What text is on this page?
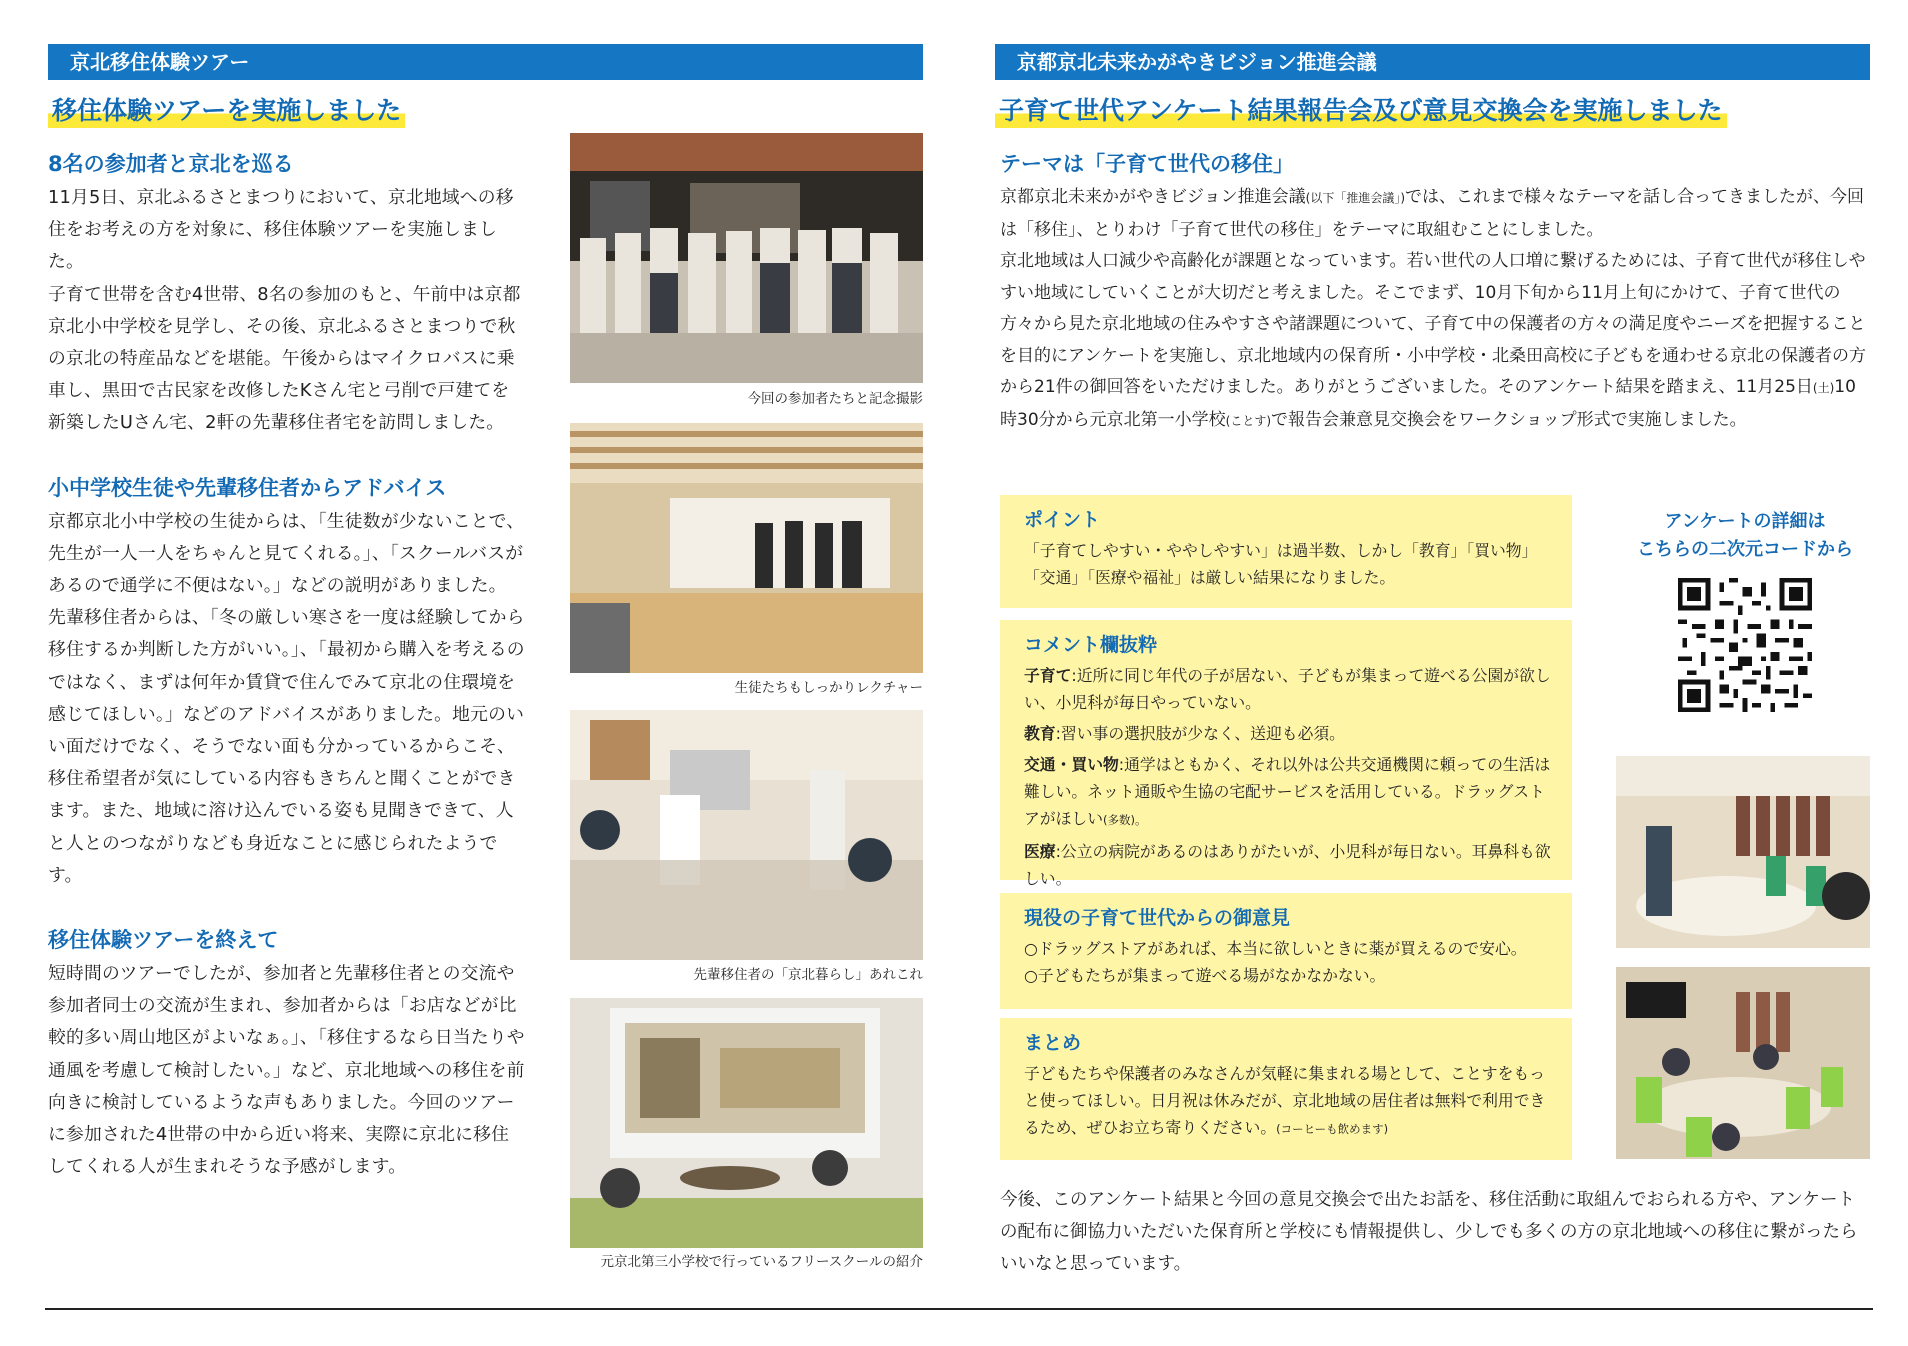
京北移住体験ツアー
移住体験ツアーを実施しました
8名の参加者と京北を巡る
11月5日、京北ふるさとまつりにおいて、京北地域への移住をお考えの方を対象に、移住体験ツアーを実施しました。
子育て世帯を含む4世帯、8名の参加のもと、午前中は京都京北小中学校を見学し、その後、京北ふるさとまつりで秋の京北の特産品などを堪能。午後からはマイクロバスに乗車し、黒田で古民家を改修したKさん宅と弓削で戸建てを新築したUさん宅、2軒の先輩移住者宅を訪問しました。
小中学校生徒や先輩移住者からアドバイス
京都京北小中学校の生徒からは、「生徒数が少ないことで、先生が一人一人をちゃんと見てくれる。」、「スクールバスがあるので通学に不便はない。」などの説明がありました。
先輩移住者からは、「冬の厳しい寒さを一度は経験してから移住するか判断した方がいい。」、「最初から購入を考えるのではなく、まずは何年か賃貸で住んでみて京北の住環境を感じてほしい。」などのアドバイスがありました。地元のいい面だけでなく、そうでない面も分かっているからこそ、移住希望者が気にしている内容もきちんと聞くことができます。また、地域に溶け込んでいる姿も見聞きできて、人と人とのつながりなども身近なことに感じられたようです。
移住体験ツアーを終えて
短時間のツアーでしたが、参加者と先輩移住者との交流や参加者同士の交流が生まれ、参加者からは「お店などが比較的多い周山地区がよいなぁ。」、「移住するなら日当たりや通風を考慮して検討したい。」など、京北地域への移住を前向きに検討しているような声もありました。今回のツアーに参加された4世帯の中から近い将来、実際に京北に移住してくれる人が生まれそうな予感がします。
今回の参加者たちと記念撮影
生徒たちもしっかりレクチャー
先輩移住者の「京北暮らし」あれこれ
元京北第三小学校で行っているフリースクールの紹介
京都京北未来かがやきビジョン推進会議
子育て世代アンケート結果報告会及び意見交換会を実施しました
テーマは「子育て世代の移住」
京都京北未来かがやきビジョン推進会議(以下「推進会議」)では、これまで様々なテーマを話し合ってきましたが、今回は「移住」、とりわけ「子育て世代の移住」をテーマに取組むことにしました。
京北地域は人口減少や高齢化が課題となっています。若い世代の人口増に繋げるためには、子育て世代が移住しやすい地域にしていくことが大切だと考えました。そこでまず、10月下旬から11月上旬にかけて、子育て世代の方々から見た京北地域の住みやすさや諸課題について、子育て中の保護者の方々の満足度やニーズを把握することを目的にアンケートを実施し、京北地域内の保育所・小中学校・北桑田高校に子どもを通わせる京北の保護者の方から21件の御回答をいただけました。ありがとうございました。そのアンケート結果を踏まえ、11月25日(土)10時30分から元京北第一小学校(ことす)で報告会兼意見交換会をワークショップ形式で実施しました。
ポイント
「子育てしやすい・ややしやすい」は過半数、しかし「教育」「買い物」「交通」「医療や福祉」は厳しい結果になりました。
コメント欄抜粋
子育て:近所に同じ年代の子が居ない、子どもが集まって遊べる公園が欲しい、小児科が毎日やっていない。
教育:習い事の選択肢が少なく、送迎も必須。
交通・買い物:通学はともかく、それ以外は公共交通機関に頼っての生活は難しい。ネット通販や生協の宅配サービスを活用している。ドラッグストアがほしい(多数)。
医療:公立の病院があるのはありがたいが、小児科が毎日ない。耳鼻科も欲しい。
現役の子育て世代からの御意見
○ドラッグストアがあれば、本当に欲しいときに薬が買えるので安心。
○子どもたちが集まって遊べる場がなかなかない。
まとめ
子どもたちや保護者のみなさんが気軽に集まれる場として、ことすをもっと使ってほしい。日月祝は休みだが、京北地域の居住者は無料で利用できるため、ぜひお立ち寄りください。(コーヒーも飲めます)
アンケートの詳細は
こちらの二次元コードから
今後、このアンケート結果と今回の意見交換会で出たお話を、移住活動に取組んでおられる方や、アンケートの配布に御協力いただいた保育所と学校にも情報提供し、少しでも多くの方の京北地域への移住に繋がったらいいなと思っています。
